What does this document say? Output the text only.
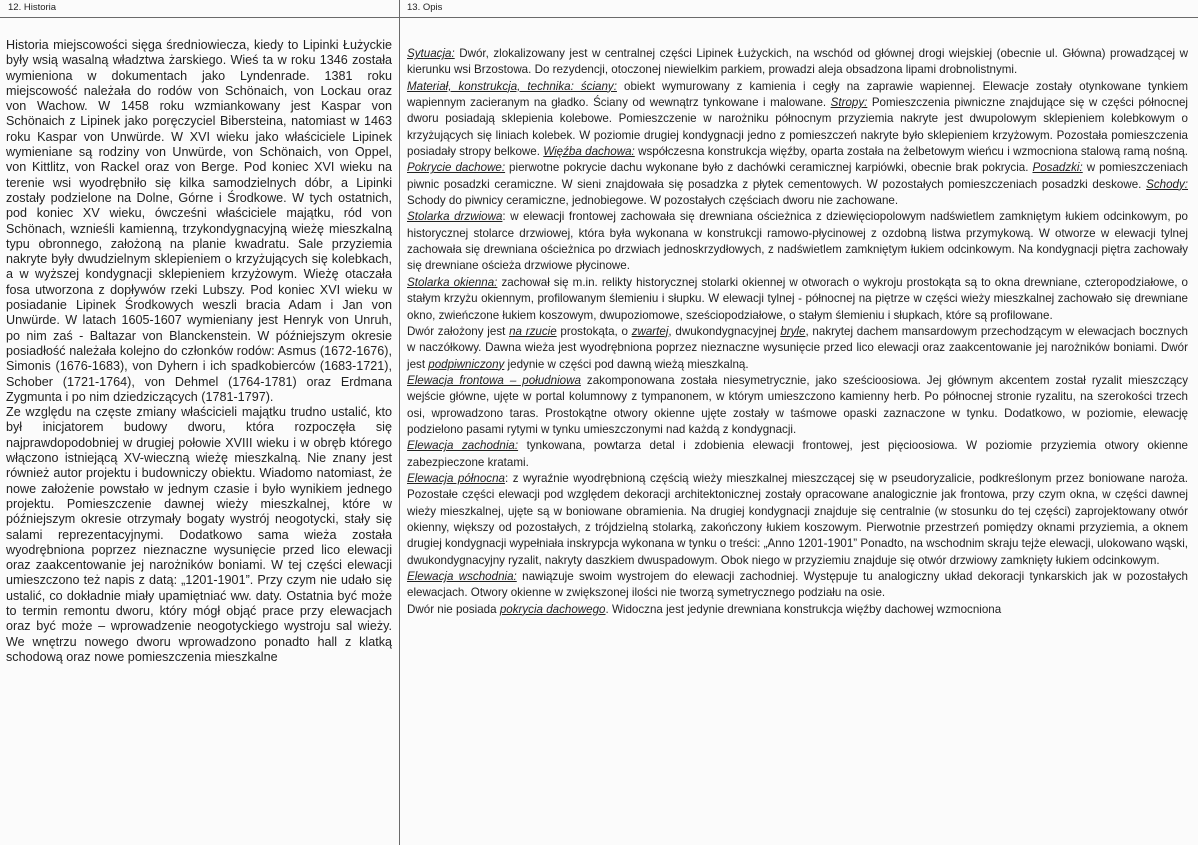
12. Historia

Historia miejscowości sięga średniowiecza, kiedy to Lipinki Łużyckie były wsią wasalną władztwa żarskiego. Wieś ta w roku 1346 została wymieniona w dokumentach jako Lyndenrade. 1381 roku miejscowość należała do rodów von Schönaich, von Lockau oraz von Wachow. W 1458 roku wzmiankowany jest Kaspar von Schönaich z Lipinek jako poręczyciel Bibersteina, natomiast w 1463 roku Kaspar von Unwürde. W XVI wieku jako właściciele Lipinek wymieniane są rodziny von Unwürde, von Schönaich, von Oppel, von Kittlitz, von Rackel oraz von Berge. Pod koniec XVI wieku na terenie wsi wyodrębniło się kilka samodzielnych dóbr, a Lipinki zostały podzielone na Dolne, Górne i Środkowe. W tych ostatnich, pod koniec XV wieku, ówcześni właściciele majątku, ród von Schönach, wznieśli kamienną, trzykondygnacyjną wieżę mieszkalną typu obronnego, założoną na planie kwadratu. Sale przyziemia nakryte były dwudzielnym sklepieniem o krzyżujących się kolebkach, a w wyższej kondygnacji sklepieniem krzyżowym. Wieżę otaczała fosa utworzona z dopływów rzeki Lubszy. Pod koniec XVI wieku w posiadanie Lipinek Środkowych weszli bracia Adam i Jan von Unwürde. W latach 1605-1607 wymieniany jest Henryk von Unruh, po nim zaś - Baltazar von Blanckenstein. W późniejszym okresie posiadłość należała kolejno do członków rodów: Asmus (1672-1676), Simonis (1676-1683), von Dyhern i ich spadkobierców (1683-1721), Schober (1721-1764), von Dehmel (1764-1781) oraz Erdmana Zygmunta i po nim dziedziczących (1781-1797).

Ze względu na częste zmiany właścicieli majątku trudno ustalić, kto był inicjatorem budowy dworu, która rozpoczęła się najprawdopodobniej w drugiej połowie XVIII wieku i w obręb którego włączono istniejącą XV-wieczną wieżę mieszkalną. Nie znany jest również autor projektu i budowniczy obiektu. Wiadomo natomiast, że nowe założenie powstało w jednym czasie i było wynikiem jednego projektu. Pomieszczenie dawnej wieży mieszkalnej, które w późniejszym okresie otrzymały bogaty wystrój neogotycki, stały się salami reprezentacyjnymi. Dodatkowo sama wieża została wyodrębniona poprzez nieznaczne wysunięcie przed lico elewacji oraz zaakcentowanie jej narożników boniami. W tej części elewacji umieszczono też napis z datą: „1201-1901”. Przy czym nie udało się ustalić, co dokładnie miały upamiętniać ww. daty. Ostatnia być może to termin remontu dworu, który mógł objąć prace przy elewacjach oraz być może – wprowadzenie neogotyckiego wystroju sal wieży. We wnętrzu nowego dworu wprowadzono ponadto hall z klatką schodową oraz nowe pomieszczenia mieszkalne

13. Opis

Sytuacja: Dwór, zlokalizowany jest w centralnej części Lipinek Łużyckich, na wschód od głównej drogi wiejskiej (obecnie ul. Główna) prowadzącej w kierunku wsi Brzostowa. Do rezydencji, otoczonej niewielkim parkiem, prowadzi aleja obsadzona lipami drobnolistnymi.

Materiał, konstrukcja, technika: ściany: obiekt wymurowany z kamienia i cegły na zaprawie wapiennej. Elewacje zostały otynkowane tynkiem wapiennym zacieranym na gładko. Ściany od wewnątrz tynkowane i malowane. Stropy: Pomieszczenia piwniczne znajdujące się w części północnej dworu posiadają sklepienia kolebowe. Pomieszczenie w narożniku północnym przyziemia nakryte jest dwupolowym sklepieniem kolebkowym o krzyżujących się liniach kolebek. W poziomie drugiej kondygnacji jedno z pomieszczeń nakryte było sklepieniem krzyżowym. Pozostała pomieszczenia posiadały stropy belkowe. Więźba dachowa: współczesna konstrukcja więźby, oparta została na żelbetowym wieńcu i wzmocniona stalową ramą nośną. Pokrycie dachowe: pierwotne pokrycie dachu wykonane było z dachówki ceramicznej karpiówki, obecnie brak pokrycia. Posadzki: w pomieszczeniach piwnic posadzki ceramiczne. W sieni znajdowała się posadzka z płytek cementowych. W pozostałych pomieszczeniach posadzki deskowe. Schody: Schody do piwnicy ceramiczne, jednobiegowe. W pozostałych częściach dworu nie zachowane.

Stolarka drzwiowa: w elewacji frontowej zachowała się drewniana ościeżnica z dziewięciopolowym nadświetlem zamkniętym łukiem odcinkowym, po historycznej stolarce drzwiowej, która była wykonana w konstrukcji ramowo-płycinowej z ozdobną listwa przymykową. W otworze w elewacji tylnej zachowała się drewniana ościeżnica po drzwiach jednoskrzydłowych, z nadświetlem zamkniętym łukiem odcinkowym. Na kondygnacji piętra zachowały się drewniane ościeża drzwiowe płycinowe.

Stolarka okienna: zachował się m.in. relikty historycznej stolarki okiennej w otworach o wykroju prostokąta są to okna drewniane, czteropodziałowe, o stałym krzyżu okiennym, profilowanym ślemieniu i słupku. W elewacji tylnej - północnej na piętrze w części wieży mieszkalnej zachowało się drewniane okno, zwieńczone łukiem koszowym, dwupoziomowe, sześciopodziałowe, o stałym ślemieniu i słupkach, które są profilowane.

Dwór założony jest na rzucie prostokąta, o zwartej, dwukondygnacyjnej bryle, nakrytej dachem mansardowym przechodzącym w elewacjach bocznych w naczółkowy. Dawna wieża jest wyodrębniona poprzez nieznaczne wysunięcie przed lico elewacji oraz zaakcentowanie jej narożników boniami. Dwór jest podpiwniczony jedynie w części pod dawną wieżą mieszkalną.

Elewacja frontowa – południowa zakomponowana została niesymetrycznie, jako sześcioosiowa. Jej głównym akcentem został ryzalit mieszczący wejście główne, ujęte w portal kolumnowy z tympanonem, w którym umieszczono kamienny herb. Po północnej stronie ryzalitu, na szerokości trzech osi, wprowadzono taras. Prostokątne otwory okienne ujęte zostały w taśmowe opaski zaznaczone w tynku. Dodatkowo, w poziomie, elewację podzielono pasami rytymi w tynku umieszczonymi nad każdą z kondygnacji.

Elewacja zachodnia: tynkowana, powtarza detal i zdobienia elewacji frontowej, jest pięcioosiowa. W poziomie przyziemia otwory okienne zabezpieczone kratami.

Elewacja północna: z wyraźnie wyodrębnioną częścią wieży mieszkalnej mieszczącej się w pseudoryzalicie, podkreślonym przez boniowane naroża. Pozostałe części elewacji pod względem dekoracji architektonicznej zostały opracowane analogicznie jak frontowa, przy czym okna, w części dawnej wieży mieszkalnej, ujęte są w boniowane obramienia. Na drugiej kondygnacji znajduje się centralnie (w stosunku do tej części) zaprojektowany otwór okienny, większy od pozostałych, z trójdzielną stolarką, zakończony łukiem koszowym. Pierwotnie przestrzeń pomiędzy oknami przyziemia, a oknem drugiej kondygnacji wypełniała inskrypcja wykonana w tynku o treści: „Anno 1201-1901” Ponadto, na wschodnim skraju tejże elewacji, ulokowano wąski, dwukondygnacyjny ryzalit, nakryty daszkiem dwuspadowym. Obok niego w przyziemiu znajduje się otwór drzwiowy zamknięty łukiem odcinkowym.

Elewacja wschodnia: nawiązuje swoim wystrojem do elewacji zachodniej. Występuje tu analogiczny układ dekoracji tynkarskich jak w pozostałych elewacjach. Otwory okienne w zwiększonej ilości nie tworzą symetrycznego podziału na osie.

Dwór nie posiada pokrycia dachowego. Widoczna jest jedynie drewniana konstrukcja więźby dachowej wzmocniona
